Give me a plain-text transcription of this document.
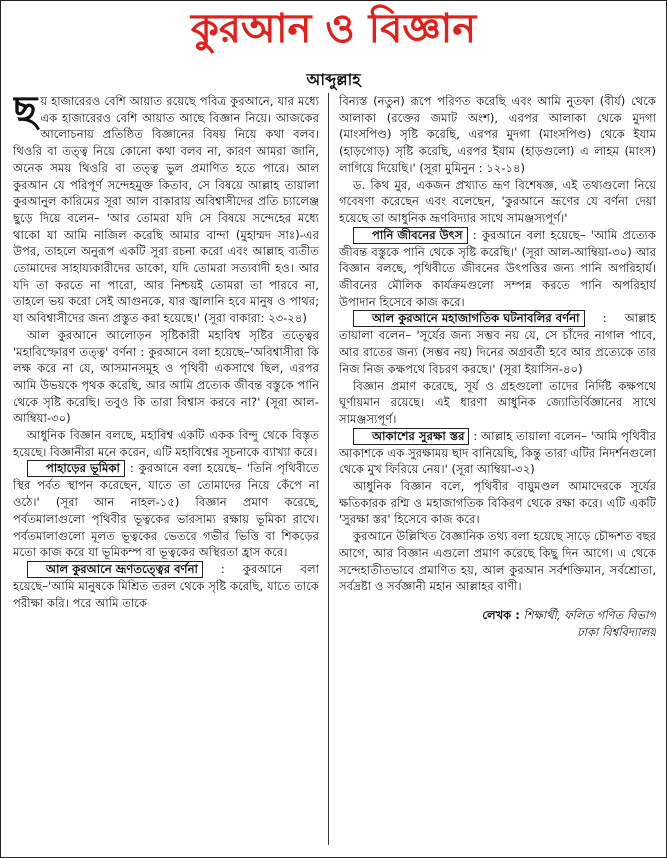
কুরআন ও বিজ্ঞান
আব্দুল্লাহ

ছয় হাজারেরও বেশি আয়াত রয়েছে পবিত্র কুরআনে, যার মধ্যে এক হাজারেরও বেশি আয়াত আছে বিজ্ঞান নিয়ে। আজকের আলোচনায় প্রতিষ্ঠিত বিজ্ঞানের বিষয় নিয়ে কথা বলব। থিওরি বা তত্ত্ব নিয়ে কোনো কথা বলব না, কারণ আমরা জানি, অনেক সময় থিওরি বা তত্ত্ব ভুল প্রমাণিত হতে পারে। আল কুরআন যে পরিপূর্ণ সন্দেহমুক্ত কিতাব, সে বিষয়ে আল্লাহ তায়ালা কুরআনুল কারিমের সূরা আল বাকারায় অবিশ্বাসীদের প্রতি চ্যালেঞ্জ ছুড়ে দিয়ে বলেন– 'আর তোমরা যদি সে বিষয়ে সন্দেহের মধ্যে থাকো যা আমি নাজিল করেছি আমার বান্দা (মুহাম্মদ সাঃ)-এর উপর, তাহলে অনুরূপ একটি সূরা রচনা করো এবং আল্লাহ ব্যতীত তোমাদের সাহায্যকারীদের ডাকো, যদি তোমরা সত্যবাদী হও। আর যদি তা করতে না পারো, আর নিশ্চয়ই তোমরা তা পারবে না, তাহলে ভয় করো সেই আগুনকে, যার জ্বালানি হবে মানুষ ও পাথর; যা অবিশ্বাসীদের জন্য প্রস্তুত করা হয়েছে।' (সূরা বাকারা: ২৩-২৪)

আল কুরআনে আলোড়ন সৃষ্টিকারী মহাবিশ্ব সৃষ্টির তত্ত্বের 'মহাবিস্ফোরণ তত্ত্ব' বর্ণনা : কুরআনে বলা হয়েছে–'অবিশ্বাসীরা কি লক্ষ করে না যে, আসমানসমূহ ও পৃথিবী একসাথে ছিল, এরপর আমি উভয়কে পৃথক করেছি, আর আমি প্রত্যেক জীবন্ত বস্তুকে পানি থেকে সৃষ্টি করেছি। তবুও কি তারা বিশ্বাস করবে না?' (সূরা আল-আম্বিয়া-৩০)

আধুনিক বিজ্ঞান বলছে, মহাবিশ্ব একটি একক বিন্দু থেকে বিস্তৃত হয়েছে। বিজ্ঞানীরা মনে করেন, এটি মহাবিশ্বের সূচনাকে ব্যাখ্যা করে।

পাহাড়ের ভূমিকা : কুরআনে বলা হয়েছে– 'তিনি পৃথিবীতে স্থির পর্বত স্থাপন করেছেন, যাতে তা তোমাদের নিয়ে কেঁপে না ওঠে।' (সূরা আন নাহল-১৫) বিজ্ঞান প্রমাণ করেছে, পর্বতমালাগুলো পৃথিবীর ভূত্বকের ভারসাম্য রক্ষায় ভূমিকা রাখে। পর্বতমালাগুলো মূলত ভূত্বকের ভেতরে গভীর ভিত্তি বা শিকড়ের মতো কাজ করে যা ভূমিকম্প বা ভূত্বকের অস্থিরতা হ্রাস করে।

আল কুরআনে ভ্রূণতত্ত্বের বর্ণনা : কুরআনে বলা হয়েছে–'আমি মানুষকে মিশ্রিত তরল থেকে সৃষ্টি করেছি, যাতে তাকে পরীক্ষা করি। পরে আমি তাকে

বিন্যস্ত (নতুন) রূপে পরিণত করেছি এবং আমি নুতফা (বীর্য) থেকে আলাকা (রক্তের জমাট অংশ), এরপর আলাকা থেকে মুদগা (মাংসপিণ্ড) সৃষ্টি করেছি, এরপর মুদগা (মাংসপিণ্ড) থেকে ইযাম (হাড়গোড়) সৃষ্টি করেছি, এরপর ইযাম (হাড়গুলো) এ লাহম (মাংস) লাগিয়ে দিয়েছি।' (সূরা মুমিনুন : ১২-১৪)

ড. কিথ মুর, একজন প্রখ্যাত ভ্রূণ বিশেষজ্ঞ, এই তথ্যগুলো নিয়ে গবেষণা করেছেন এবং বলেছেন, 'কুরআনে ভ্রূণের যে বর্ণনা দেয়া হয়েছে তা আধুনিক ভ্রূণবিদ্যার সাথে সামঞ্জস্যপূর্ণ।'

পানি জীবনের উৎস : কুরআনে বলা হয়েছে– 'আমি প্রত্যেক জীবন্ত বস্তুকে পানি থেকে সৃষ্টি করেছি।' (সূরা আল-আম্বিয়া-৩০) আর বিজ্ঞান বলছে, পৃথিবীতে জীবনের উৎপত্তির জন্য পানি অপরিহার্য। জীবনের মৌলিক কার্যক্রমগুলো সম্পন্ন করতে পানি অপরিহার্য উপাদান হিসেবে কাজ করে।

আল কুরআনে মহাজাগতিক ঘটনাবলির বর্ণনা : আল্লাহ তায়ালা বলেন– 'সূর্যের জন্য সম্ভব নয় যে, সে চাঁদের নাগাল পাবে, আর রাতের জন্য (সম্ভব নয়) দিনের অগ্রবর্তী হবে আর প্রত্যেকে তার নিজ নিজ কক্ষপথে বিচরণ করছে।' (সূরা ইয়াসিন-৪০)

বিজ্ঞান প্রমাণ করেছে, সূর্য ও গ্রহগুলো তাদের নির্দিষ্ট কক্ষপথে ঘূর্ণায়মান রয়েছে। এই ধারণা আধুনিক জ্যোতির্বিজ্ঞানের সাথে সামঞ্জস্যপূর্ণ।

আকাশের সুরক্ষা স্তর : আল্লাহ তায়ালা বলেন– 'আমি পৃথিবীর আকাশকে এক সুরক্ষাময় ছাদ বানিয়েছি, কিন্তু তারা এটির নিদর্শনগুলো থেকে মুখ ফিরিয়ে নেয়।' (সূরা আম্বিয়া-৩২)

আধুনিক বিজ্ঞান বলে, পৃথিবীর বায়ুমণ্ডল আমাদেরকে সূর্যের ক্ষতিকারক রশ্মি ও মহাজাগতিক বিকিরণ থেকে রক্ষা করে। এটি একটি 'সুরক্ষা স্তর' হিসেবে কাজ করে।

কুরআনে উল্লিখিত বৈজ্ঞানিক তথ্য বলা হয়েছে সাড়ে চৌদ্দশত বছর আগে, আর বিজ্ঞান এগুলো প্রমাণ করেছে কিছু দিন আগে। এ থেকে সন্দেহাতীতভাবে প্রমাণিত হয়, আল কুরআন সর্বশক্তিমান, সর্বশ্রোতা, সর্বদ্রষ্টা ও সর্বজ্ঞানী মহান আল্লাহর বাণী।

লেখক : শিক্ষার্থী, ফলিত গণিত বিভাগ
ঢাকা বিশ্ববিদ্যালয়
